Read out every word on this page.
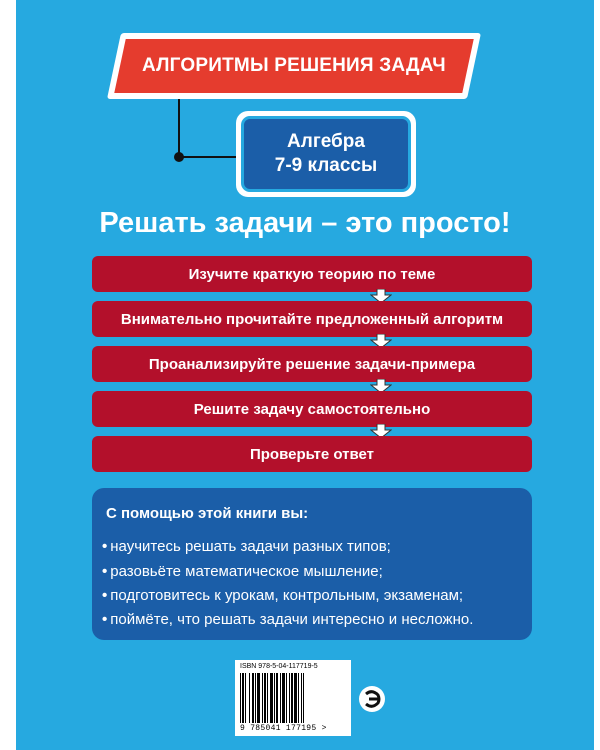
АЛГОРИТМЫ РЕШЕНИЯ ЗАДАЧ
Алгебра
7-9 классы
Решать задачи – это просто!
Изучите краткую теорию по теме
Внимательно прочитайте предложенный алгоритм
Проанализируйте решение задачи-примера
Решите задачу самостоятельно
Проверьте ответ
С помощью этой книги вы:
• научитесь решать задачи разных типов;
• разовьёте математическое мышление;
• подготовитесь к урокам, контрольным, экзаменам;
• поймёте, что решать задачи интересно и несложно.
ISBN 978-5-04-117719-5
9 785041 177195 >
